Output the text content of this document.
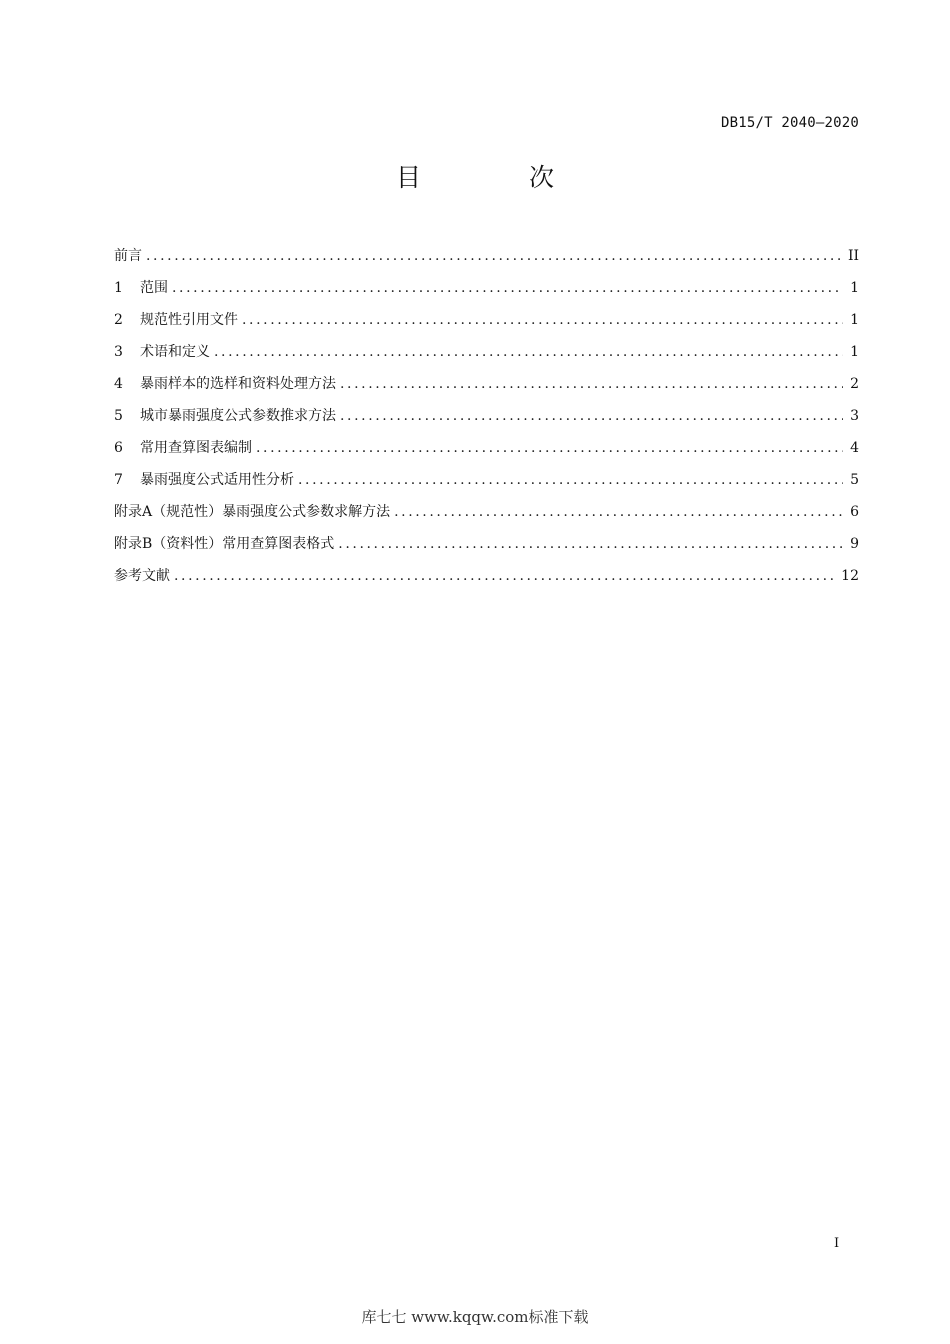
DB15/T 2040—2020
目 次
前言 .....	II
1	范围 .....	1
2	规范性引用文件 .....	1
3	术语和定义 .....	1
4	暴雨样本的选样和资料处理方法 .....	2
5	城市暴雨强度公式参数推求方法 .....	3
6	常用查算图表编制 .....	4
7	暴雨强度公式适用性分析 .....	5
附录A（规范性）暴雨强度公式参数求解方法 .....	6
附录B（资料性）常用查算图表格式 .....	9
参考文献 .....	12
I
库七七 www.kqqw.com标准下载
